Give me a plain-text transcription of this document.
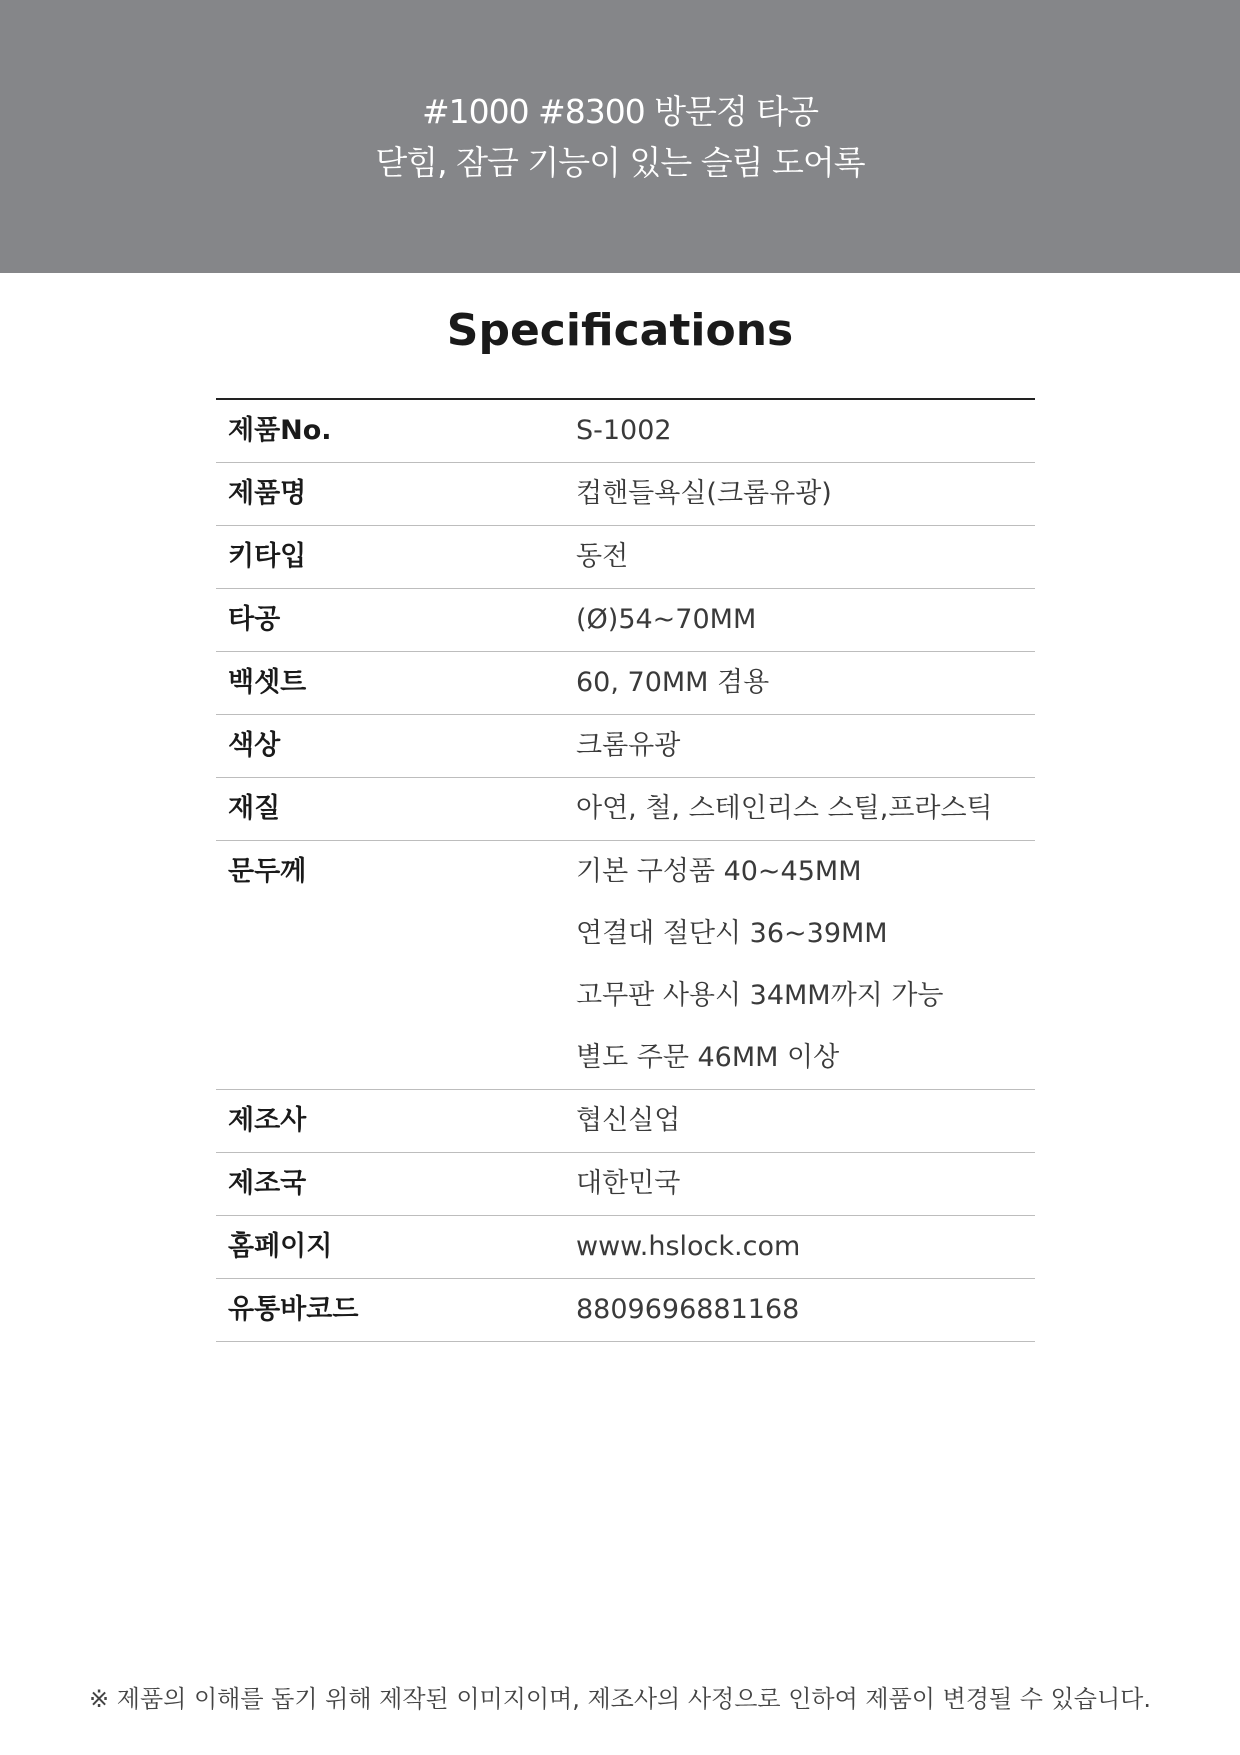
#1000 #8300 방문정 타공
닫힘, 잠금 기능이 있는 슬림 도어록
Specifications
제품No.	S-1002

제품명	컵핸들욕실(크롬유광)

키타입	동전

타공	(Ø)54~70MM

백셋트	60, 70MM 겸용

색상	크롬유광

재질	아연, 철, 스테인리스 스틸,프라스틱

문두께	기본 구성품 40~45MM
연결대 절단시 36~39MM
고무판 사용시 34MM까지 가능
별도 주문 46MM 이상

제조사	협신실업

제조국	대한민국

홈페이지	www.hslock.com

유통바코드	8809696881168
※ 제품의 이해를 돕기 위해 제작된 이미지이며, 제조사의 사정으로 인하여 제품이 변경될 수 있습니다.
